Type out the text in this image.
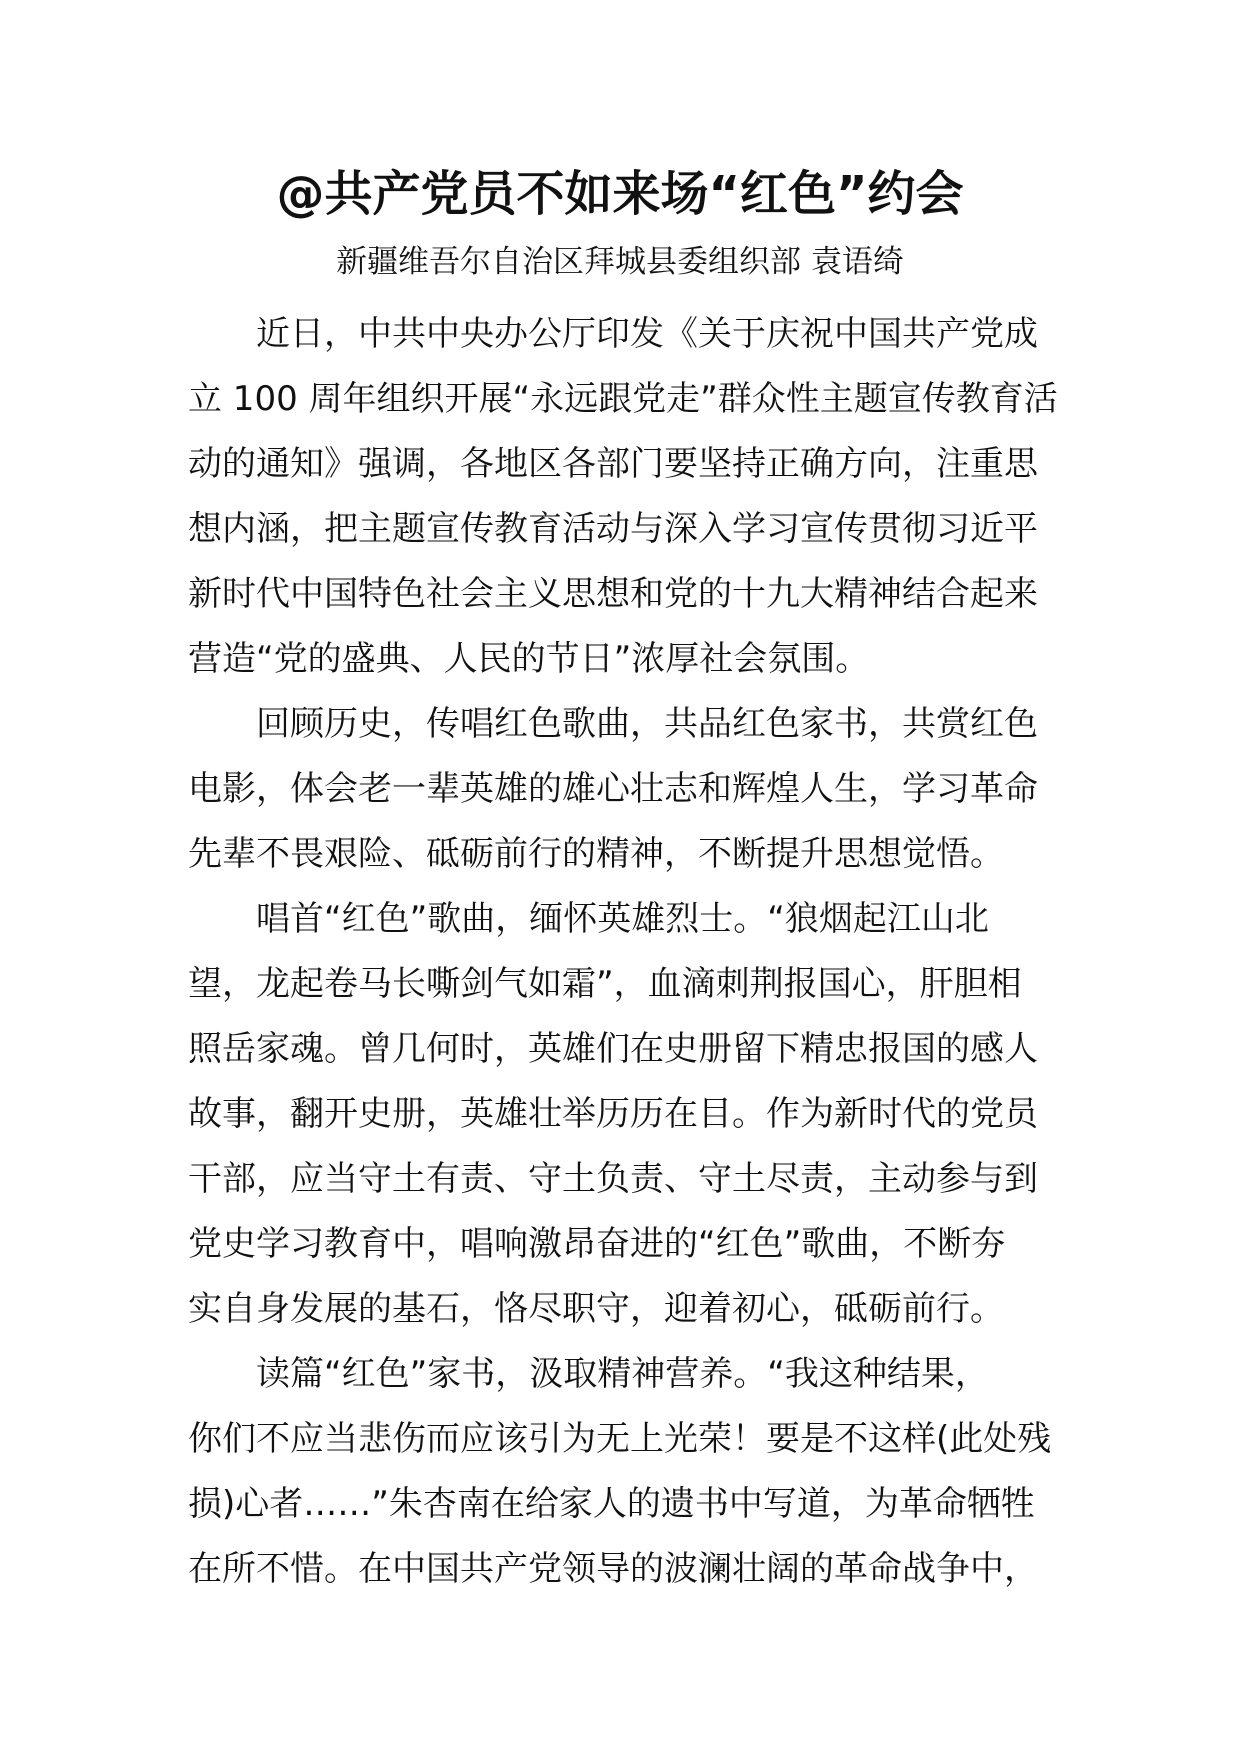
@共产党员不如来场“红色”约会
新疆维吾尔自治区拜城县委组织部 袁语绮
近日，中共中央办公厅印发《关于庆祝中国共产党成
立 100 周年组织开展“永远跟党走”群众性主题宣传教育活
动的通知》强调，各地区各部门要坚持正确方向，注重思
想内涵，把主题宣传教育活动与深入学习宣传贯彻习近平
新时代中国特色社会主义思想和党的十九大精神结合起来
营造“党的盛典、人民的节日”浓厚社会氛围。
回顾历史，传唱红色歌曲，共品红色家书，共赏红色
电影，体会老一辈英雄的雄心壮志和辉煌人生，学习革命
先辈不畏艰险、砥砺前行的精神，不断提升思想觉悟。
唱首“红色”歌曲，缅怀英雄烈士。“狼烟起江山北
望，龙起卷马长嘶剑气如霜”，血滴刺荆报国心，肝胆相
照岳家魂。曾几何时，英雄们在史册留下精忠报国的感人
故事，翻开史册，英雄壮举历历在目。作为新时代的党员
干部，应当守土有责、守土负责、守土尽责，主动参与到
党史学习教育中，唱响激昂奋进的“红色”歌曲，不断夯
实自身发展的基石，恪尽职守，迎着初心，砥砺前行。
读篇“红色”家书，汲取精神营养。“我这种结果，
你们不应当悲伤而应该引为无上光荣！要是不这样(此处残
损)心者……”朱杏南在给家人的遗书中写道，为革命牺牲
在所不惜。在中国共产党领导的波澜壮阔的革命战争中，
